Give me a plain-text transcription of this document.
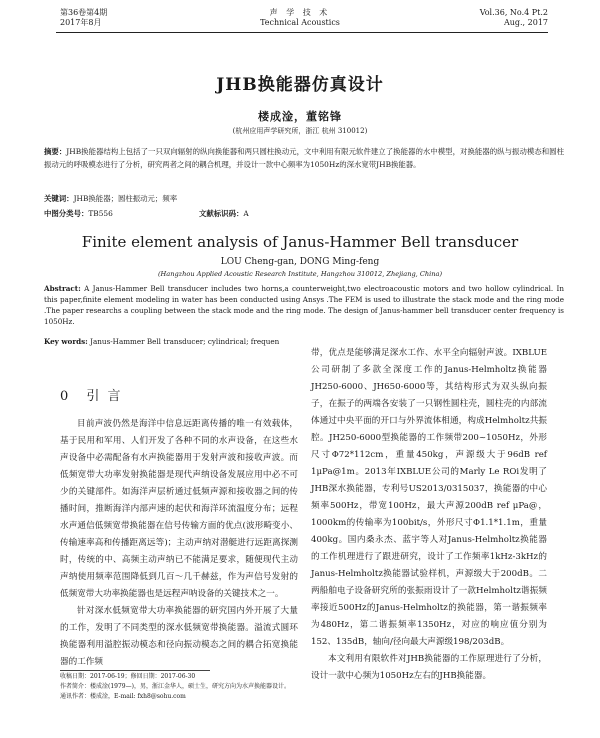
第36卷第4期
2017年8月
声 学 技 术
Technical Acoustics
Vol.36, No.4 Pt.2
Aug., 2017
JHB换能器仿真设计
楼成淦，董铭锋
(杭州应用声学研究所，浙江 杭州 310012)
摘要：JHB换能器结构上包括了一只双向辐射的纵向换能器和两只圆柱换动元，文中利用有限元软件建立了换能器的水中模型，对换能器的纵与振动模态和圆柱振动元的呼吸模态进行了分析，研究两者之间的耦合机理，并设计一款中心频率为1050Hz的深水宽带JHB换能器。
关键词：JHB换能器；圆柱振动元；频率
中图分类号：TB556	文献标识码：A
Finite element analysis of Janus-Hammer Bell transducer
LOU Cheng-gan, DONG Ming-feng
(Hangzhou Applied Acoustic Research Institute, Hangzhou 310012, Zhejiang, China)
Abstract: A Janus-Hammer Bell transducer includes two horns,a counterweight,two electroacoustic motors and two hollow cylindrical. In this paper,finite element modeling in water has been conducted using Ansys .The FEM is used to illustrate the stack mode and the ring mode .The paper researchs a coupling between the stack mode and the ring mode. The design of Janus-hammer bell transducer center frequency is 1050Hz.
Key words: Janus-Hammer Bell transducer; cylindrical; frequen
0 引 言

目前声波仍然是海洋中信息远距离传播的唯一有效载体，基于民用和军用、人们开发了各种不同的水声设备，在这些水声设备中必需配备有水声换能器用于发射声波和接收声波。而低频宽带大功率发射换能器是现代声纳设备发展应用中必不可少的关键部件。如海洋声层析通过低频声源和接收器之间的传播时间，推断海洋内部声速的起伏和海洋环流温度分布；远程水声通信低频宽带换能器在信号传输方面的优点(波形畸变小、传输速率高和传播距离远等)；主动声纳对潜艇进行远距离探测时，传统的中、高频主动声纳已不能满足要求，随便现代主动声纳使用频率范围降低到几百～几千赫兹，作为声信号发射的低频宽带大功率换能器也是远程声呐设备的关键技术之一。

针对深水低频宽带大功率换能器的研究国内外开展了大量的工作，发明了不同类型的深水低频宽带换能器。溢流式圆环换能器利用溢腔振动模态和径向振动模态之间的耦合拓宽换能器的工作频

带，优点是能够满足深水工作、水平全向辐射声波。IXBLUE公司研制了多款全深度工作的Janus-Helmholtz换能器JH250-6000、JH650-6000等，其结构形式为双头纵向振子，在振子的两端各安装了一只钢性圆柱壳，圆柱壳的内部流体通过中央平面的开口与外界流体相通，构成Helmholtz共振腔。JH250-6000型换能器的工作频带200~1050Hz，外形尺寸Φ72*112cm，重量450kg，声源级大于96dB ref 1μPa@1m。2013年IXBLUE公司的Marly Le ROi发明了JHB深水换能器，专利号US2013/0315037，换能器的中心频率500Hz，带宽100Hz，最大声源200dB ref μPa@，1000km的传输率为100bit/s，外形尺寸Φ1.1*1.1m，重量400kg。国内桑永杰、蓝宇等人对Janus-Helmholtz换能器的工作机理进行了跟进研究，设计了工作频率1kHz-3kHz的Janus-Helmholtz换能器试验样机，声源级大于200dB。二两船舶电子设备研究所的张振雨设计了一款Helmholtz谐振频率接近500Hz的Janus-Helmholtz的换能器，第一谐振频率为480Hz，第二谐振频率1350Hz，对应的响应值分别为152、135dB，轴向/径向最大声源级198/203dB。

本文利用有限软件对JHB换能器的工作原理进行了分析，设计一款中心频为1050Hz左右的JHB换能器。

收稿日期：2017-06-19；修回日期：2017-06-30
作者简介：楼成淦(1979—)，男，浙江金华人，硕士生，研究方向为水声换能器设计。
通讯作者：楼成淦，E-mail: fxh8@sohu.com
